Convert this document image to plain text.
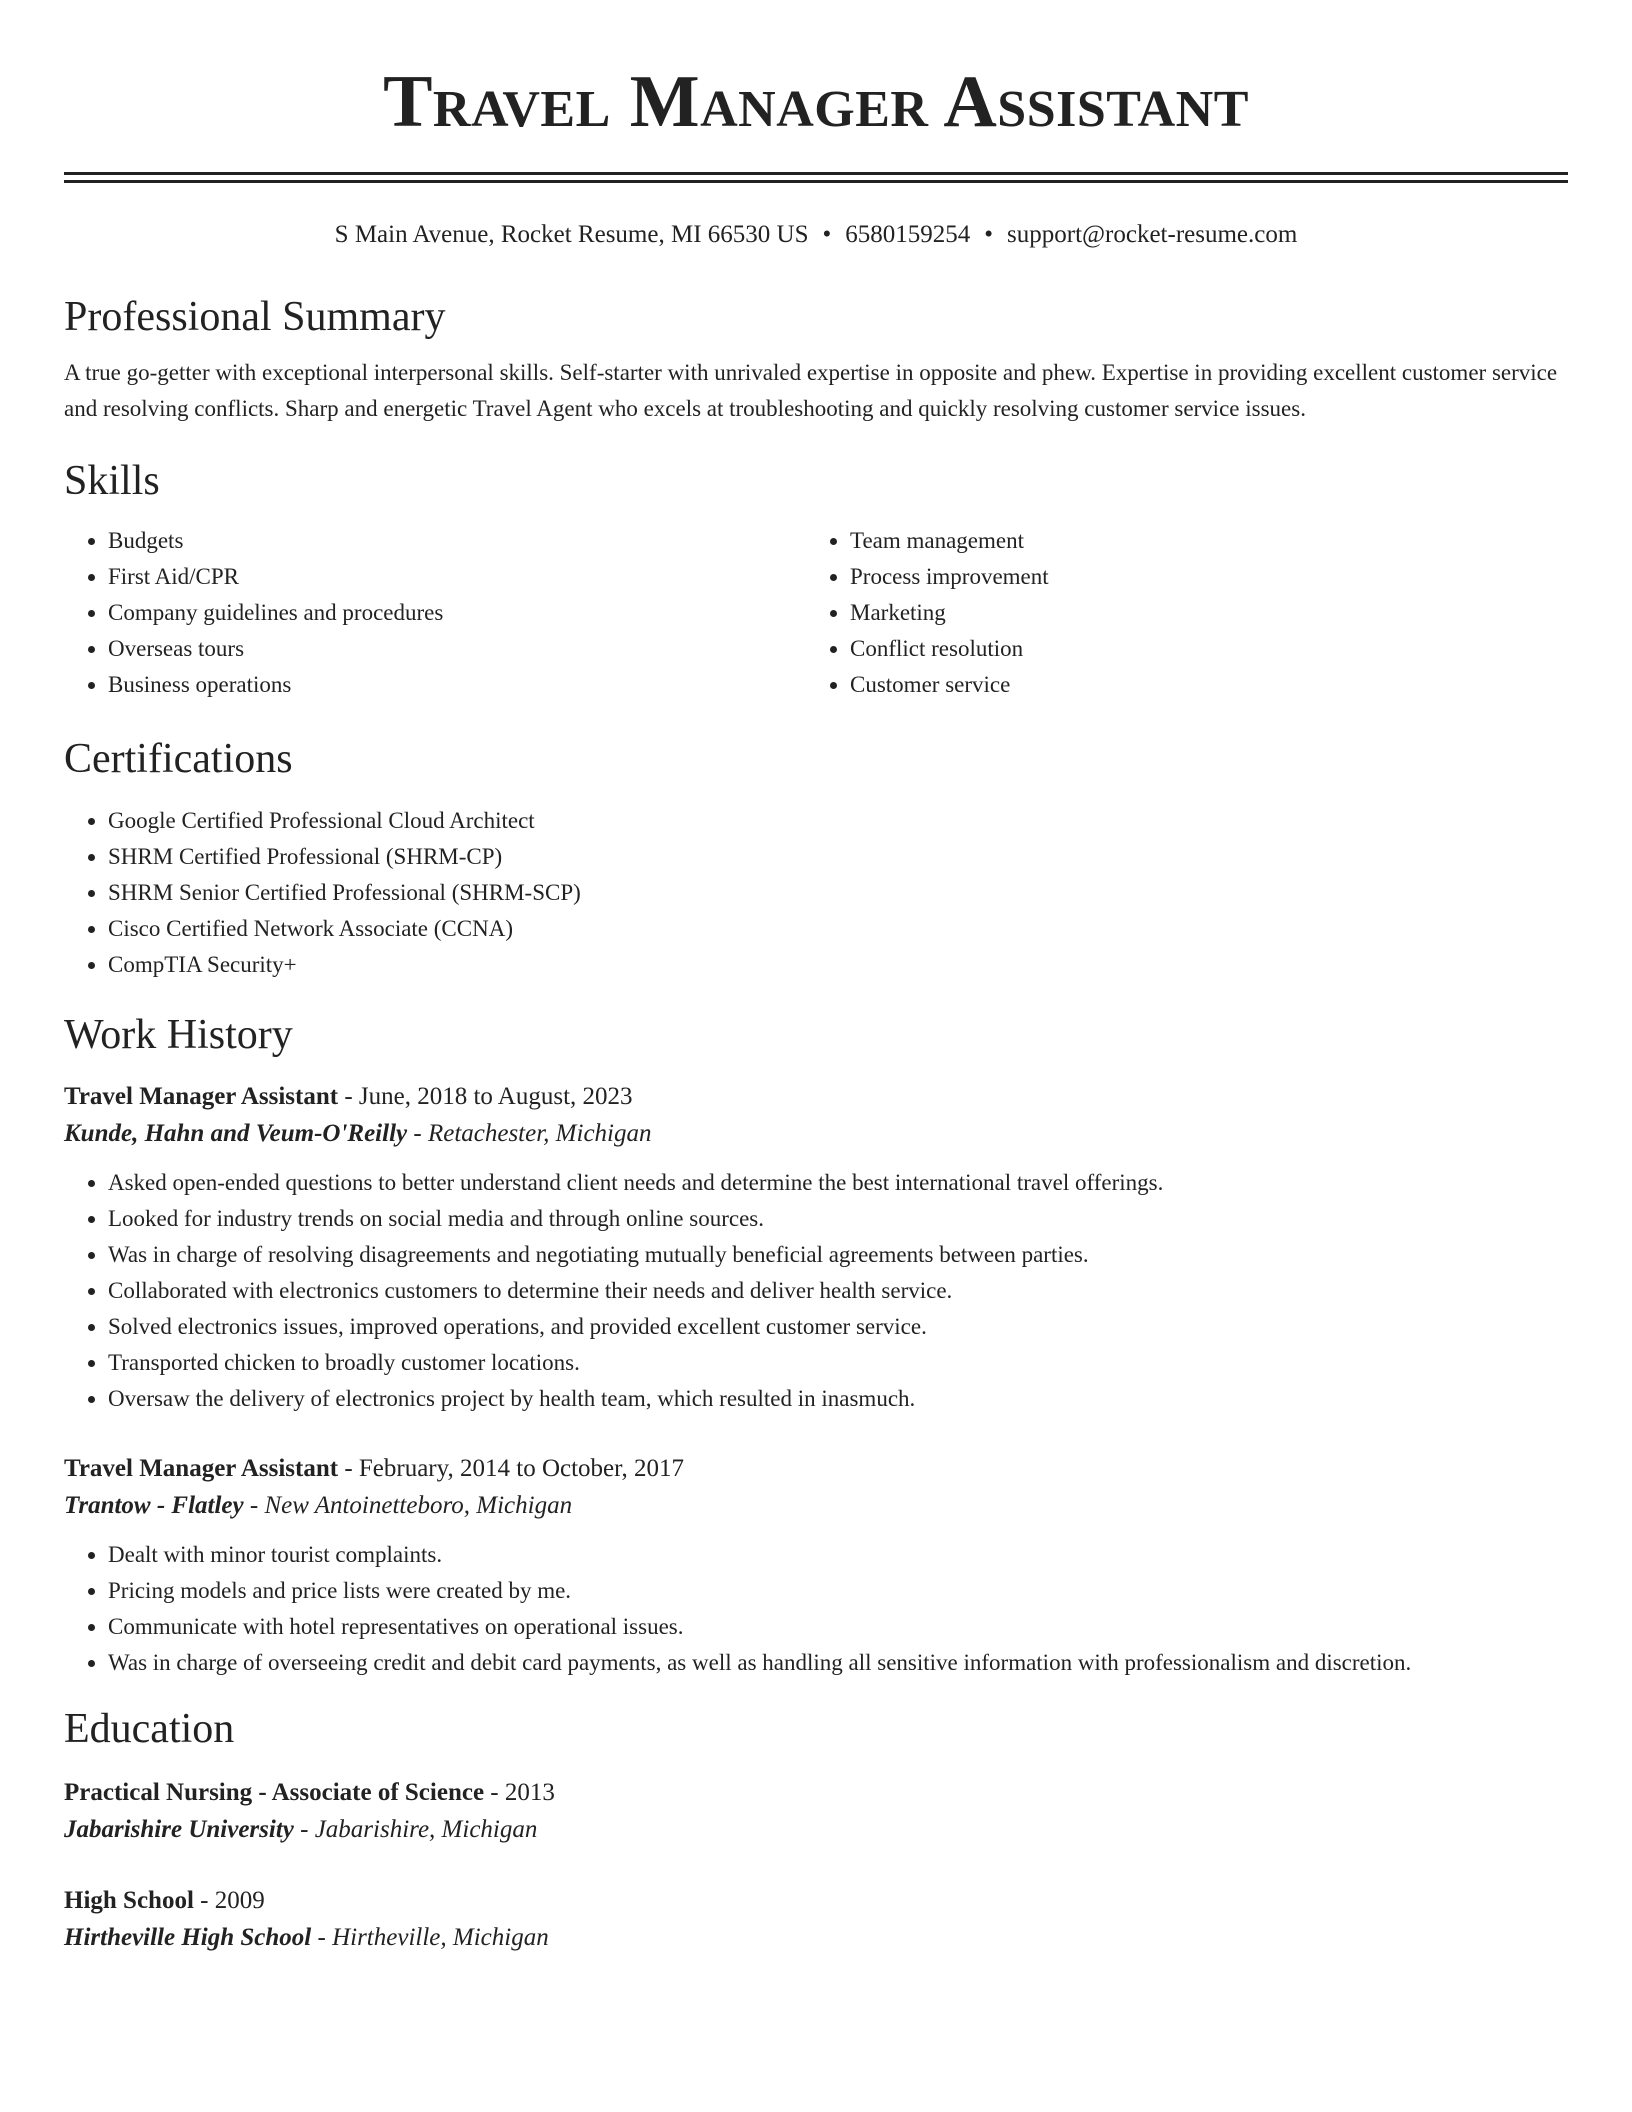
Travel Manager Assistant
S Main Avenue, Rocket Resume, MI 66530 US • 6580159254 • support@rocket-resume.com
Professional Summary

A true go-getter with exceptional interpersonal skills. Self-starter with unrivaled expertise in opposite and phew. Expertise in providing excellent customer service and resolving conflicts. Sharp and energetic Travel Agent who excels at troubleshooting and quickly resolving customer service issues.

Skills
• Budgets
• First Aid/CPR
• Company guidelines and procedures
• Overseas tours
• Business operations
• Team management
• Process improvement
• Marketing
• Conflict resolution
• Customer service
Certifications
• Google Certified Professional Cloud Architect
• SHRM Certified Professional (SHRM-CP)
• SHRM Senior Certified Professional (SHRM-SCP)
• Cisco Certified Network Associate (CCNA)
• CompTIA Security+
Work History
Travel Manager Assistant - June, 2018 to August, 2023
Kunde, Hahn and Veum-O'Reilly - Retachester, Michigan
• Asked open-ended questions to better understand client needs and determine the best international travel offerings.
• Looked for industry trends on social media and through online sources.
• Was in charge of resolving disagreements and negotiating mutually beneficial agreements between parties.
• Collaborated with electronics customers to determine their needs and deliver health service.
• Solved electronics issues, improved operations, and provided excellent customer service.
• Transported chicken to broadly customer locations.
• Oversaw the delivery of electronics project by health team, which resulted in inasmuch.
Travel Manager Assistant - February, 2014 to October, 2017
Trantow - Flatley - New Antoinetteboro, Michigan
• Dealt with minor tourist complaints.
• Pricing models and price lists were created by me.
• Communicate with hotel representatives on operational issues.
• Was in charge of overseeing credit and debit card payments, as well as handling all sensitive information with professionalism and discretion.
Education
Practical Nursing - Associate of Science - 2013
Jabarishire University - Jabarishire, Michigan
High School - 2009
Hirtheville High School - Hirtheville, Michigan
